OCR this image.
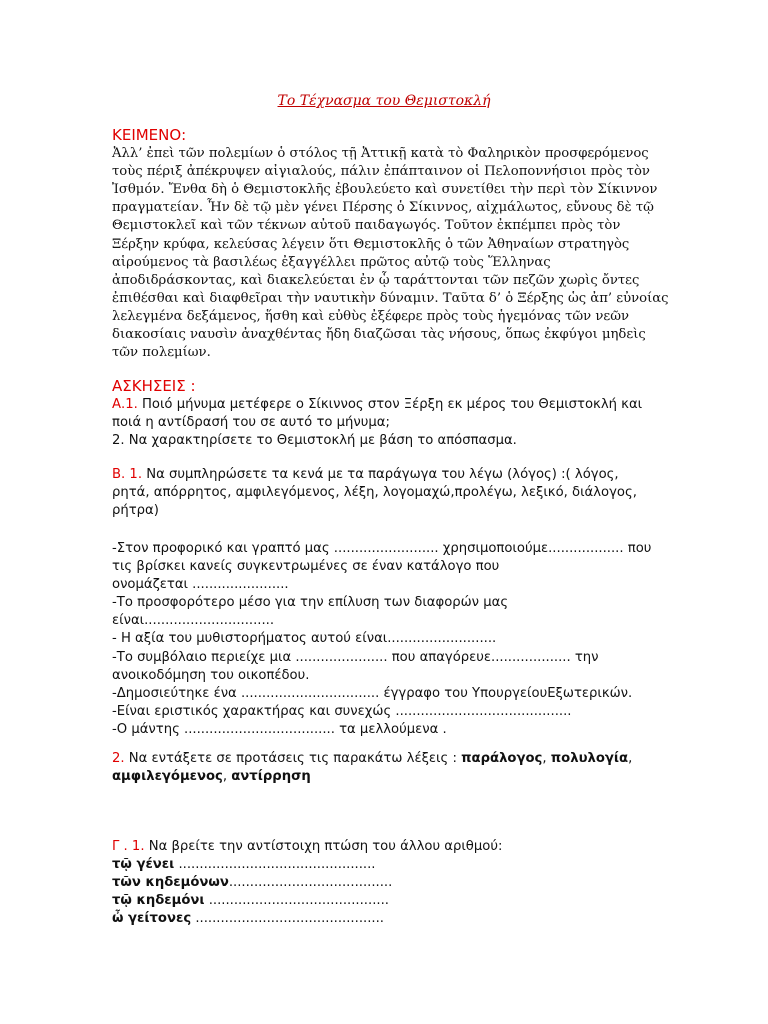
Το Τέχνασμα του Θεμιστοκλή
ΚΕΙΜΕΝΟ:
Ἀλλ’ ἐπεὶ τῶν πολεμίων ὁ στόλος τῇ Ἀττικῇ κατὰ τὸ Φαληρικὸν προσφερόμενος
τοὺς πέριξ ἀπέκρυψεν αἰγιαλούς, πάλιν ἐπάπταινον οἱ Πελοποννήσιοι πρὸς τὸν
Ἰσθμόν. Ἔνθα δὴ ὁ Θεμιστοκλῆς ἐβουλεύετο καὶ συνετίθει τὴν περὶ τὸν Σίκιννον
πραγματείαν. Ἦν δὲ τῷ μὲν γένει Πέρσης ὁ Σίκιννος, αἰχμάλωτος, εὔνους δὲ τῷ
Θεμιστοκλεῖ καὶ τῶν τέκνων αὐτοῦ παιδαγωγός. Τοῦτον ἐκπέμπει πρὸς τὸν
Ξέρξην κρύφα, κελεύσας λέγειν ὅτι Θεμιστοκλῆς ὁ τῶν Ἀθηναίων στρατηγὸς
αἱρούμενος τὰ βασιλέως ἐξαγγέλλει πρῶτος αὐτῷ τοὺς Ἕλληνας
ἀποδιδράσκοντας, καὶ διακελεύεται ἐν ᾧ ταράττονται τῶν πεζῶν χωρὶς ὄντες
ἐπιθέσθαι καὶ διαφθεῖραι τὴν ναυτικὴν δύναμιν. Ταῦτα δ’ ὁ Ξέρξης ὡς ἀπ’ εὐνοίας
λελεγμένα δεξάμενος, ἥσθη καὶ εὐθὺς ἐξέφερε πρὸς τοὺς ἡγεμόνας τῶν νεῶν
διακοσίαις ναυσὶν ἀναχθέντας ἤδη διαζῶσαι τὰς νήσους, ὅπως ἐκφύγοι μηδεὶς
τῶν πολεμίων.
ΑΣΚΗΣΕΙΣ :
Α.1. Ποιό μήνυμα μετέφερε ο Σίκιννος στον Ξέρξη εκ μέρος του Θεμιστοκλή και
ποιά η αντίδρασή του σε αυτό το μήνυμα;
2. Να χαρακτηρίσετε το Θεμιστοκλή με βάση το απόσπασμα.
Β. 1. Να συμπληρώσετε τα κενά με τα παράγωγα του λέγω (λόγος) :( λόγος,
ρητά, απόρρητος, αμφιλεγόμενος, λέξη, λογομαχώ,προλέγω, λεξικό, διάλογος,
ρήτρα)
-Στον προφορικό και γραπτό μας ......................... χρησιμοποιούμε.................. που
τις βρίσκει κανείς συγκεντρωμένες σε έναν κατάλογο που
ονομάζεται .......................
-Το προσφορότερο μέσο για την επίλυση των διαφορών μας
είναι...............................
- Η αξία του μυθιστορήματος αυτού είναι..........................
-Το συμβόλαιο περιείχε μια ...................... που απαγόρευε................... την
ανοικοδόμηση του οικοπέδου.
-Δημοσιεύτηκε ένα ................................. έγγραφο του ΥπουργείουΕξωτερικών.
-Είναι εριστικός χαρακτήρας και συνεχώς ..........................................
-Ο μάντης .................................... τα μελλούμενα .
2. Να εντάξετε σε προτάσεις τις παρακάτω λέξεις : παράλογος, πολυλογία,
αμφιλεγόμενος, αντίρρηση
Γ . 1. Να βρείτε την αντίστοιχη πτώση του άλλου αριθμού:
τῷ γένει ...............................................
τῶν κηδεμόνων.......................................
τῷ κηδεμόνι ...........................................
ὦ γείτονες .............................................
